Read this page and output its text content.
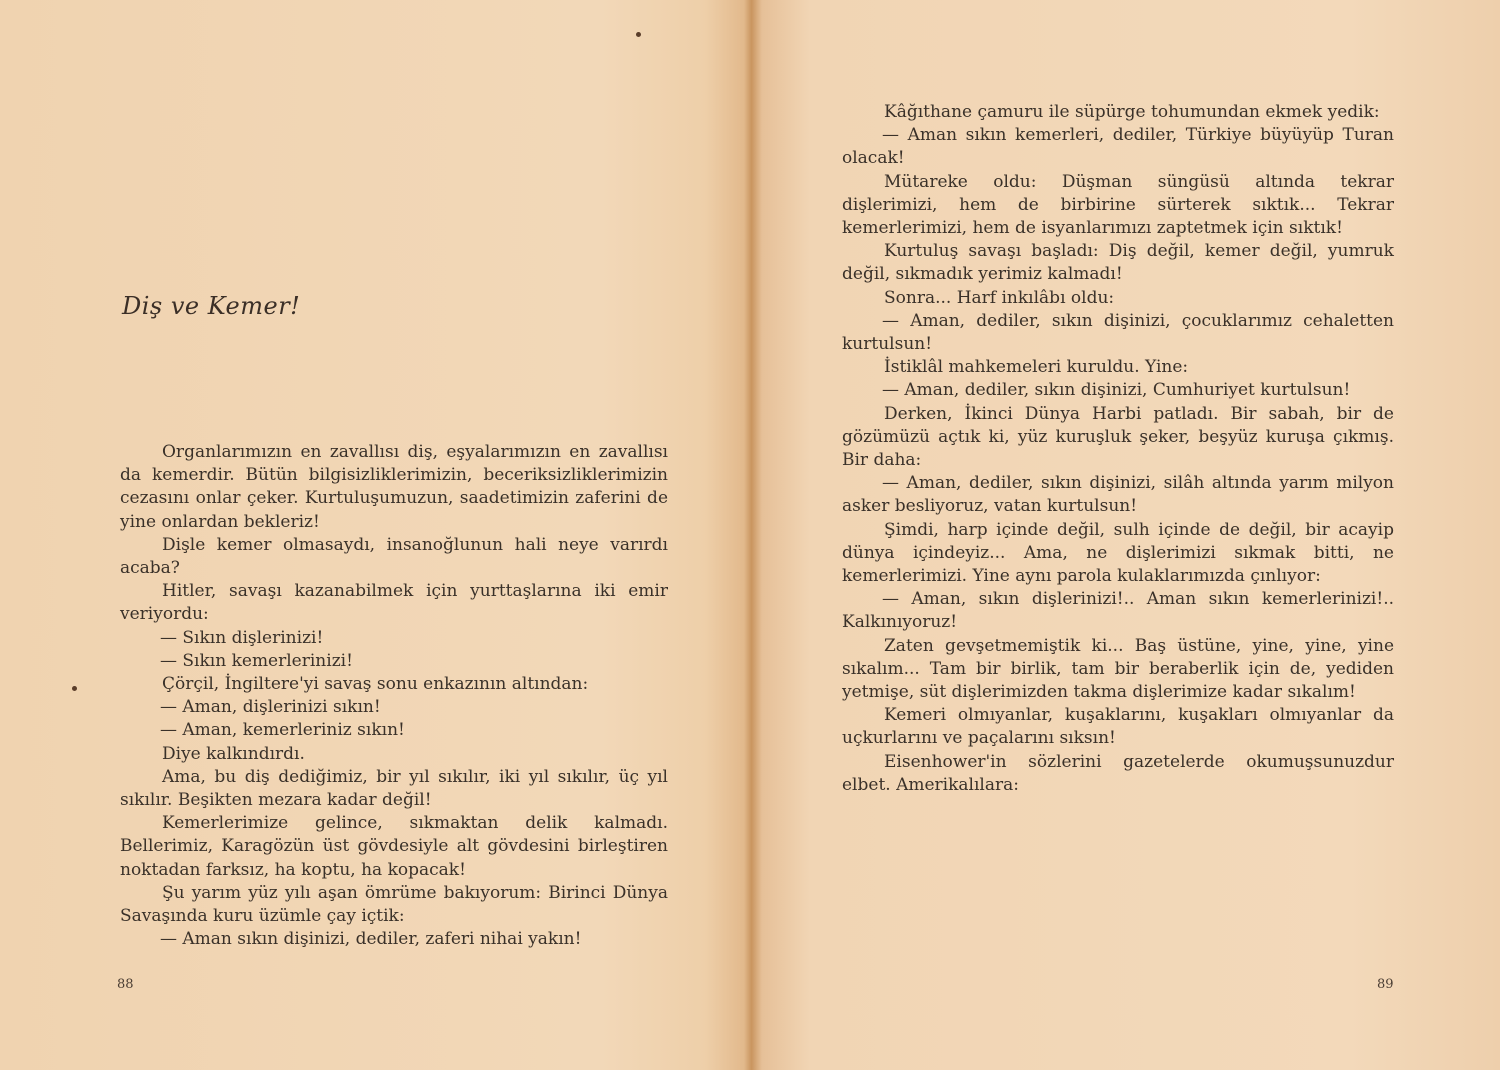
Diş ve Kemer!

Organlarımızın en zavallısı diş, eşyalarımızın en zavallısı da kemerdir. Bütün bilgisizliklerimizin, beceriksizliklerimizin cezasını onlar çeker. Kurtuluşumuzun, saadetimizin zaferini de yine onlardan bekleriz!

Dişle kemer olmasaydı, insanoğlunun hali neye varırdı acaba?

Hitler, savaşı kazanabilmek için yurttaşlarına iki emir veriyordu:

— Sıkın dişlerinizi!

— Sıkın kemerlerinizi!

Çörçil, İngiltere'yi savaş sonu enkazının altından:

— Aman, dişlerinizi sıkın!

— Aman, kemerleriniz sıkın!

Diye kalkındırdı.

Ama, bu diş dediğimiz, bir yıl sıkılır, iki yıl sıkılır, üç yıl sıkılır. Beşikten mezara kadar değil!

Kemerlerimize gelince, sıkmaktan delik kalmadı. Bellerimiz, Karagözün üst gövdesiyle alt gövdesini birleştiren noktadan farksız, ha koptu, ha kopacak!

Şu yarım yüz yılı aşan ömrüme bakıyorum: Birinci Dünya Savaşında kuru üzümle çay içtik:

— Aman sıkın dişinizi, dediler, zaferi nihai yakın!

88

Kâğıthane çamuru ile süpürge tohumundan ekmek yedik:

— Aman sıkın kemerleri, dediler, Türkiye büyüyüp Turan olacak!

Mütareke oldu: Düşman süngüsü altında tekrar dişlerimizi, hem de birbirine sürterek sıktık... Tekrar kemerlerimizi, hem de isyanlarımızı zaptetmek için sıktık!

Kurtuluş savaşı başladı: Diş değil, kemer değil, yumruk değil, sıkmadık yerimiz kalmadı!

Sonra... Harf inkılâbı oldu:

— Aman, dediler, sıkın dişinizi, çocuklarımız cehaletten kurtulsun!

İstiklâl mahkemeleri kuruldu. Yine:

— Aman, dediler, sıkın dişinizi, Cumhuriyet kurtulsun!

Derken, İkinci Dünya Harbi patladı. Bir sabah, bir de gözümüzü açtık ki, yüz kuruşluk şeker, beşyüz kuruşa çıkmış. Bir daha:

— Aman, dediler, sıkın dişinizi, silâh altında yarım milyon asker besliyoruz, vatan kurtulsun!

Şimdi, harp içinde değil, sulh içinde de değil, bir acayip dünya içindeyiz... Ama, ne dişlerimizi sıkmak bitti, ne kemerlerimizi. Yine aynı parola kulaklarımızda çınlıyor:

— Aman, sıkın dişlerinizi!.. Aman sıkın kemerlerinizi!.. Kalkınıyoruz!

Zaten gevşetmemiştik ki... Baş üstüne, yine, yine, yine sıkalım... Tam bir birlik, tam bir beraberlik için de, yediden yetmişe, süt dişlerimizden takma dişlerimize kadar sıkalım!

Kemeri olmıyanlar, kuşaklarını, kuşakları olmıyanlar da uçkurlarını ve paçalarını sıksın!

Eisenhower'in sözlerini gazetelerde okumuşsunuzdur elbet. Amerikalılara:

89
